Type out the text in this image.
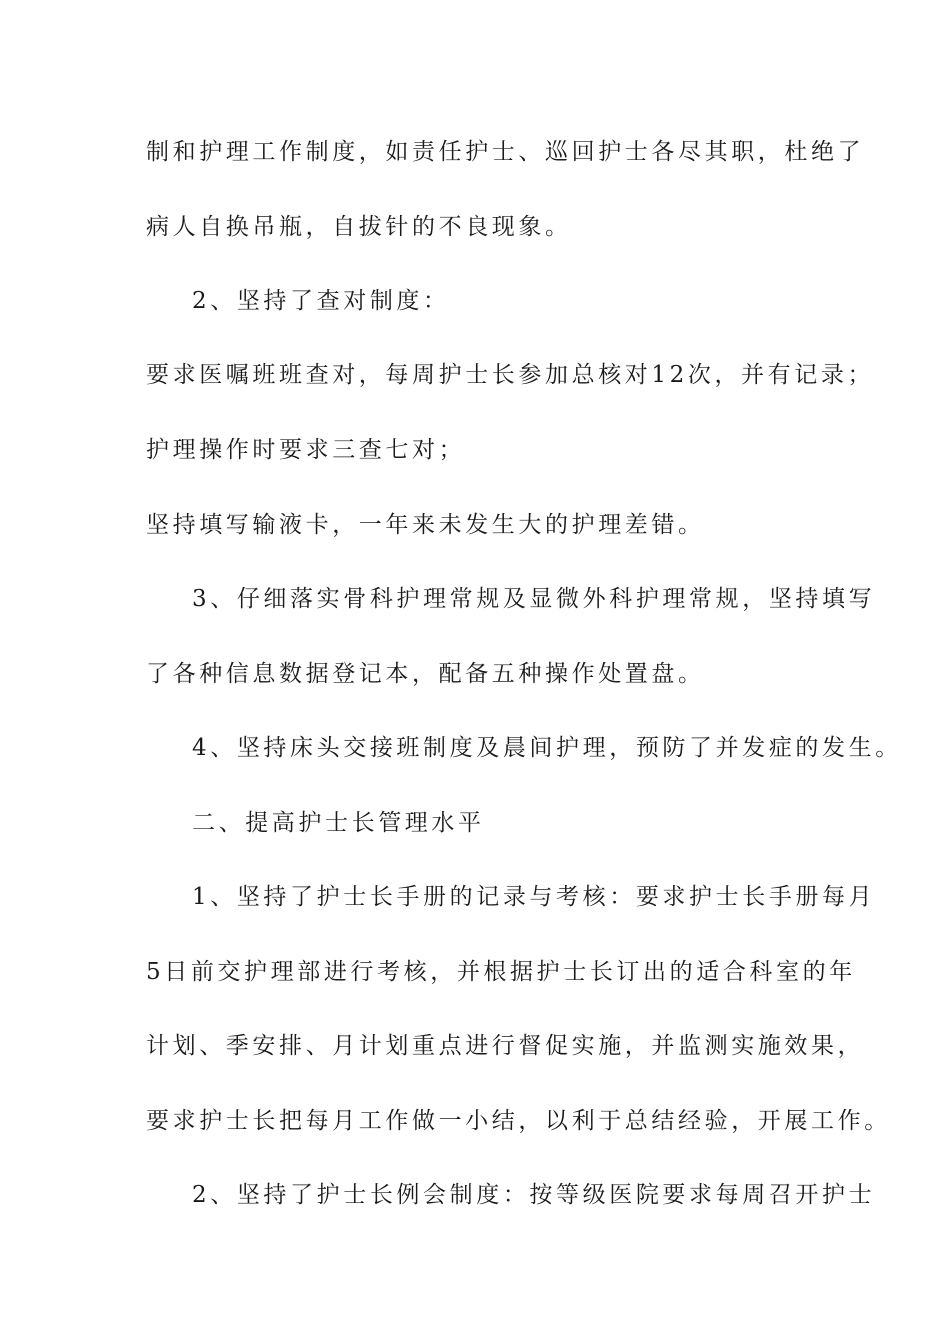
制和护理工作制度，如责任护士、巡回护士各尽其职，杜绝了
病人自换吊瓶，自拔针的不良现象。
2、坚持了查对制度：
要求医嘱班班查对，每周护士长参加总核对12次，并有记录；
护理操作时要求三查七对；
坚持填写输液卡，一年来未发生大的护理差错。
3、仔细落实骨科护理常规及显微外科护理常规，坚持填写
了各种信息数据登记本，配备五种操作处置盘。
4、坚持床头交接班制度及晨间护理，预防了并发症的发生。
二、提高护士长管理水平
1、坚持了护士长手册的记录与考核：要求护士长手册每月
5日前交护理部进行考核，并根据护士长订出的适合科室的年
计划、季安排、月计划重点进行督促实施，并监测实施效果，
要求护士长把每月工作做一小结，以利于总结经验，开展工作。
2、坚持了护士长例会制度：按等级医院要求每周召开护士
